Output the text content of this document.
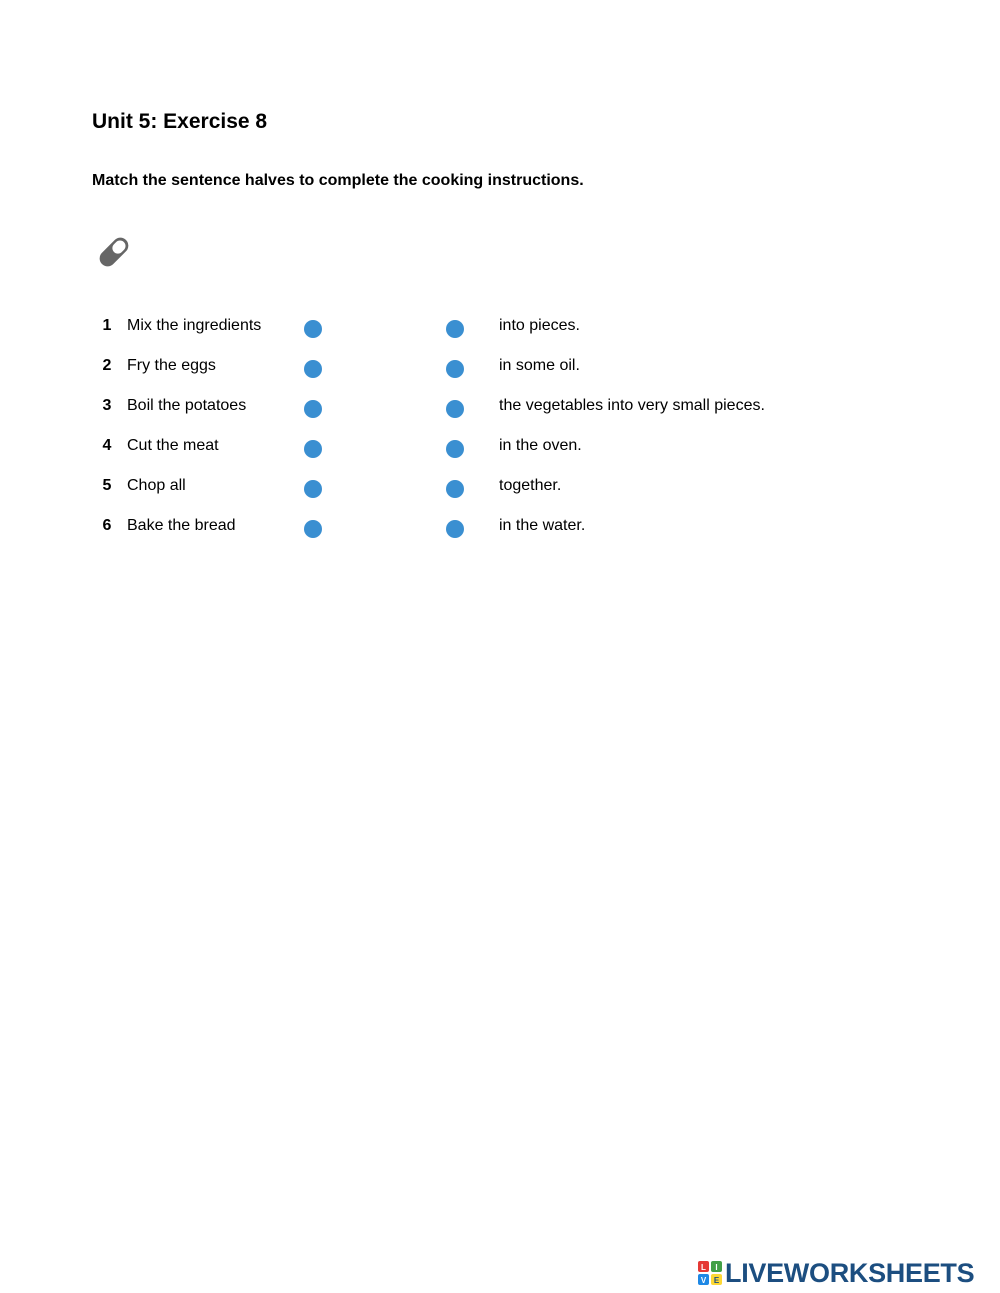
Unit 5: Exercise 8
Match the sentence halves to complete the cooking instructions.
1 Mix the ingredients	into pieces.
2 Fry the eggs	in some oil.
3 Boil the potatoes	the vegetables into very small pieces.
4 Cut the meat	in the oven.
5 Chop all	together.
6 Bake the bread	in the water.
L I
V E LIVEWORKSHEETS
